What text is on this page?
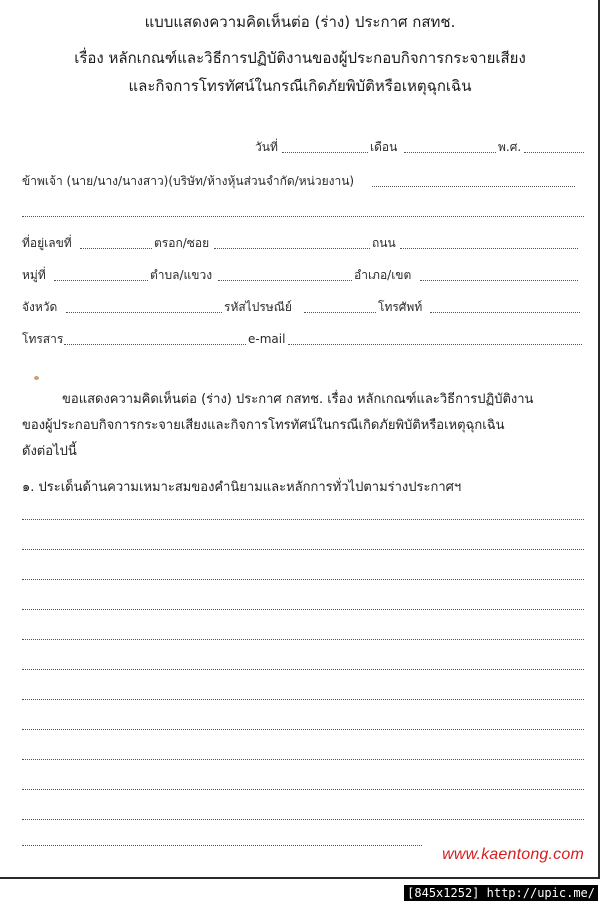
แบบแสดงความคิดเห็นต่อ (ร่าง) ประกาศ กสทช.
เรื่อง หลักเกณฑ์และวิธีการปฏิบัติงานของผู้ประกอบกิจการกระจายเสียง
และกิจการโทรทัศน์ในกรณีเกิดภัยพิบัติหรือเหตุฉุกเฉิน
วันที่	เดือน	พ.ศ.
ข้าพเจ้า (นาย/นาง/นางสาว)(บริษัท/ห้างหุ้นส่วนจำกัด/หน่วยงาน)
ที่อยู่เลขที่	ตรอก/ซอย	ถนน
หมู่ที่	ตำบล/แขวง	อำเภอ/เขต
จังหวัด	รหัสไปรษณีย์	โทรศัพท์
โทรสาร	e-mail
ขอแสดงความคิดเห็นต่อ (ร่าง) ประกาศ กสทช. เรื่อง หลักเกณฑ์และวิธีการปฏิบัติงาน
ของผู้ประกอบกิจการกระจายเสียงและกิจการโทรทัศน์ในกรณีเกิดภัยพิบัติหรือเหตุฉุกเฉิน
ดังต่อไปนี้
๑. ประเด็นด้านความเหมาะสมของคำนิยามและหลักการทั่วไปตามร่างประกาศฯ
www.kaentong.com
[845x1252] http://upic.me/
